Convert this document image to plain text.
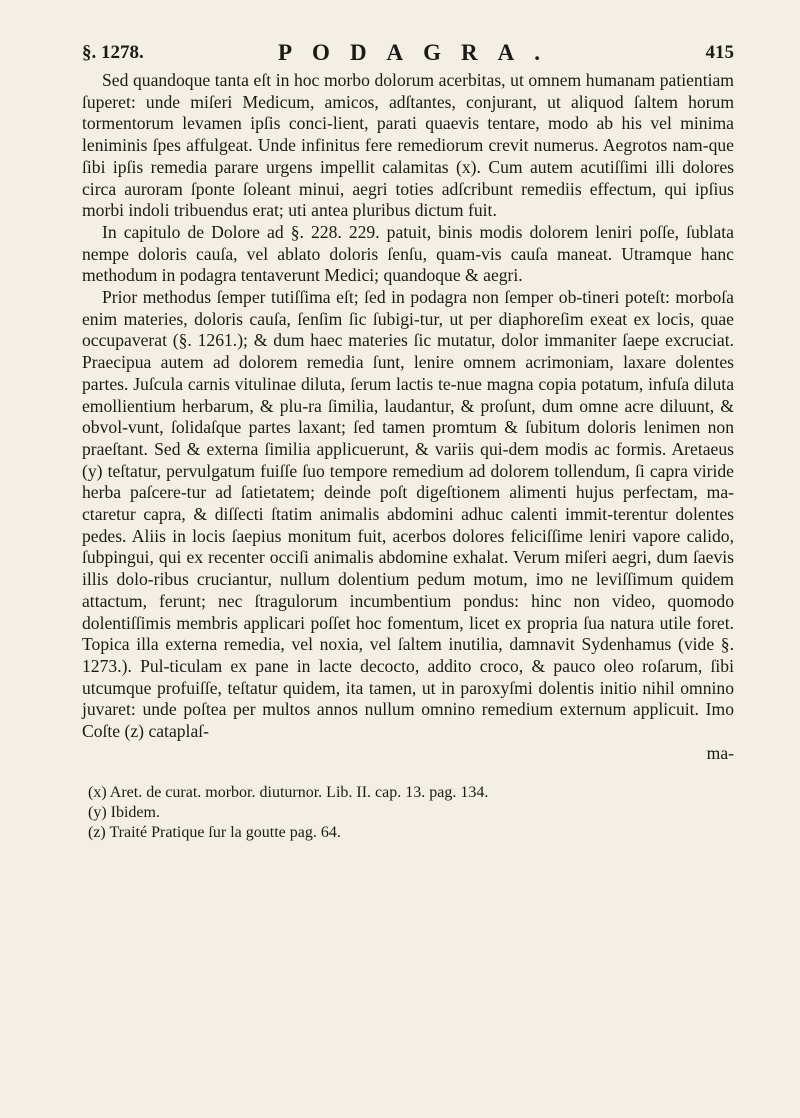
§. 1278.	PODAGRA.	415

Sed quandoque tanta eſt in hoc morbo dolorum acerbitas, ut omnem humanam patientiam ſuperet: unde miſeri Medicum, amicos, adſtantes, conjurant, ut aliquod ſaltem horum tormentorum levamen ipſis conci-lient, parati quaevis tentare, modo ab his vel minima leniminis ſpes affulgeat. Unde infinitus fere remediorum crevit numerus. Aegrotos nam-que ſibi ipſis remedia parare urgens impellit calamitas (x). Cum autem acutiſſimi illi dolores circa auroram ſponte ſoleant minui, aegri toties adſcribunt remediis effectum, qui ipſius morbi indoli tribuendus erat; uti antea pluribus dictum fuit.

In capitulo de Dolore ad §. 228. 229. patuit, binis modis dolorem leniri poſſe, ſublata nempe doloris cauſa, vel ablato doloris ſenſu, quam-vis cauſa maneat. Utramque hanc methodum in podagra tentaverunt Medici; quandoque & aegri.

Prior methodus ſemper tutiſſima eſt; ſed in podagra non ſemper ob-tineri poteſt: morboſa enim materies, doloris cauſa, ſenſim ſic ſubigi-tur, ut per diaphoreſim exeat ex locis, quae occupaverat (§. 1261.); & dum haec materies ſic mutatur, dolor immaniter ſaepe excruciat. Praecipua autem ad dolorem remedia ſunt, lenire omnem acrimoniam, laxare dolentes partes. Juſcula carnis vitulinae diluta, ſerum lactis te-nue magna copia potatum, infuſa diluta emollientium herbarum, & plu-ra ſimilia, laudantur, & proſunt, dum omne acre diluunt, & obvol-vunt, ſolidaſque partes laxant; ſed tamen promtum & ſubitum doloris lenimen non praeſtant. Sed & externa ſimilia applicuerunt, & variis qui-dem modis ac formis. Aretaeus (y) teſtatur, pervulgatum fuiſſe ſuo tempore remedium ad dolorem tollendum, ſi capra viride herba paſcere-tur ad ſatietatem; deinde poſt digeſtionem alimenti hujus perfectam, ma-ctaretur capra, & diſſecti ſtatim animalis abdomini adhuc calenti immit-terentur dolentes pedes. Aliis in locis ſaepius monitum fuit, acerbos dolores feliciſſime leniri vapore calido, ſubpingui, qui ex recenter occiſi animalis abdomine exhalat. Verum miſeri aegri, dum ſaevis illis dolo-ribus cruciantur, nullum dolentium pedum motum, imo ne leviſſimum quidem attactum, ferunt; nec ſtragulorum incumbentium pondus: hinc non video, quomodo dolentiſſimis membris applicari poſſet hoc fomentum, licet ex propria ſua natura utile foret. Topica illa externa remedia, vel noxia, vel ſaltem inutilia, damnavit Sydenhamus (vide §. 1273.). Pul-ticulam ex pane in lacte decocto, addito croco, & pauco oleo roſarum, ſibi utcumque profuiſſe, teſtatur quidem, ita tamen, ut in paroxyſmi dolentis initio nihil omnino juvaret: unde poſtea per multos annos nullum omnino remedium externum applicuit. Imo Coſte (z) cataplaſ-

ma-
(x) Aret. de curat. morbor. diuturnor. Lib. II. cap. 13. pag. 134.
(y) Ibidem.
(z) Traité Pratique ſur la goutte pag. 64.
